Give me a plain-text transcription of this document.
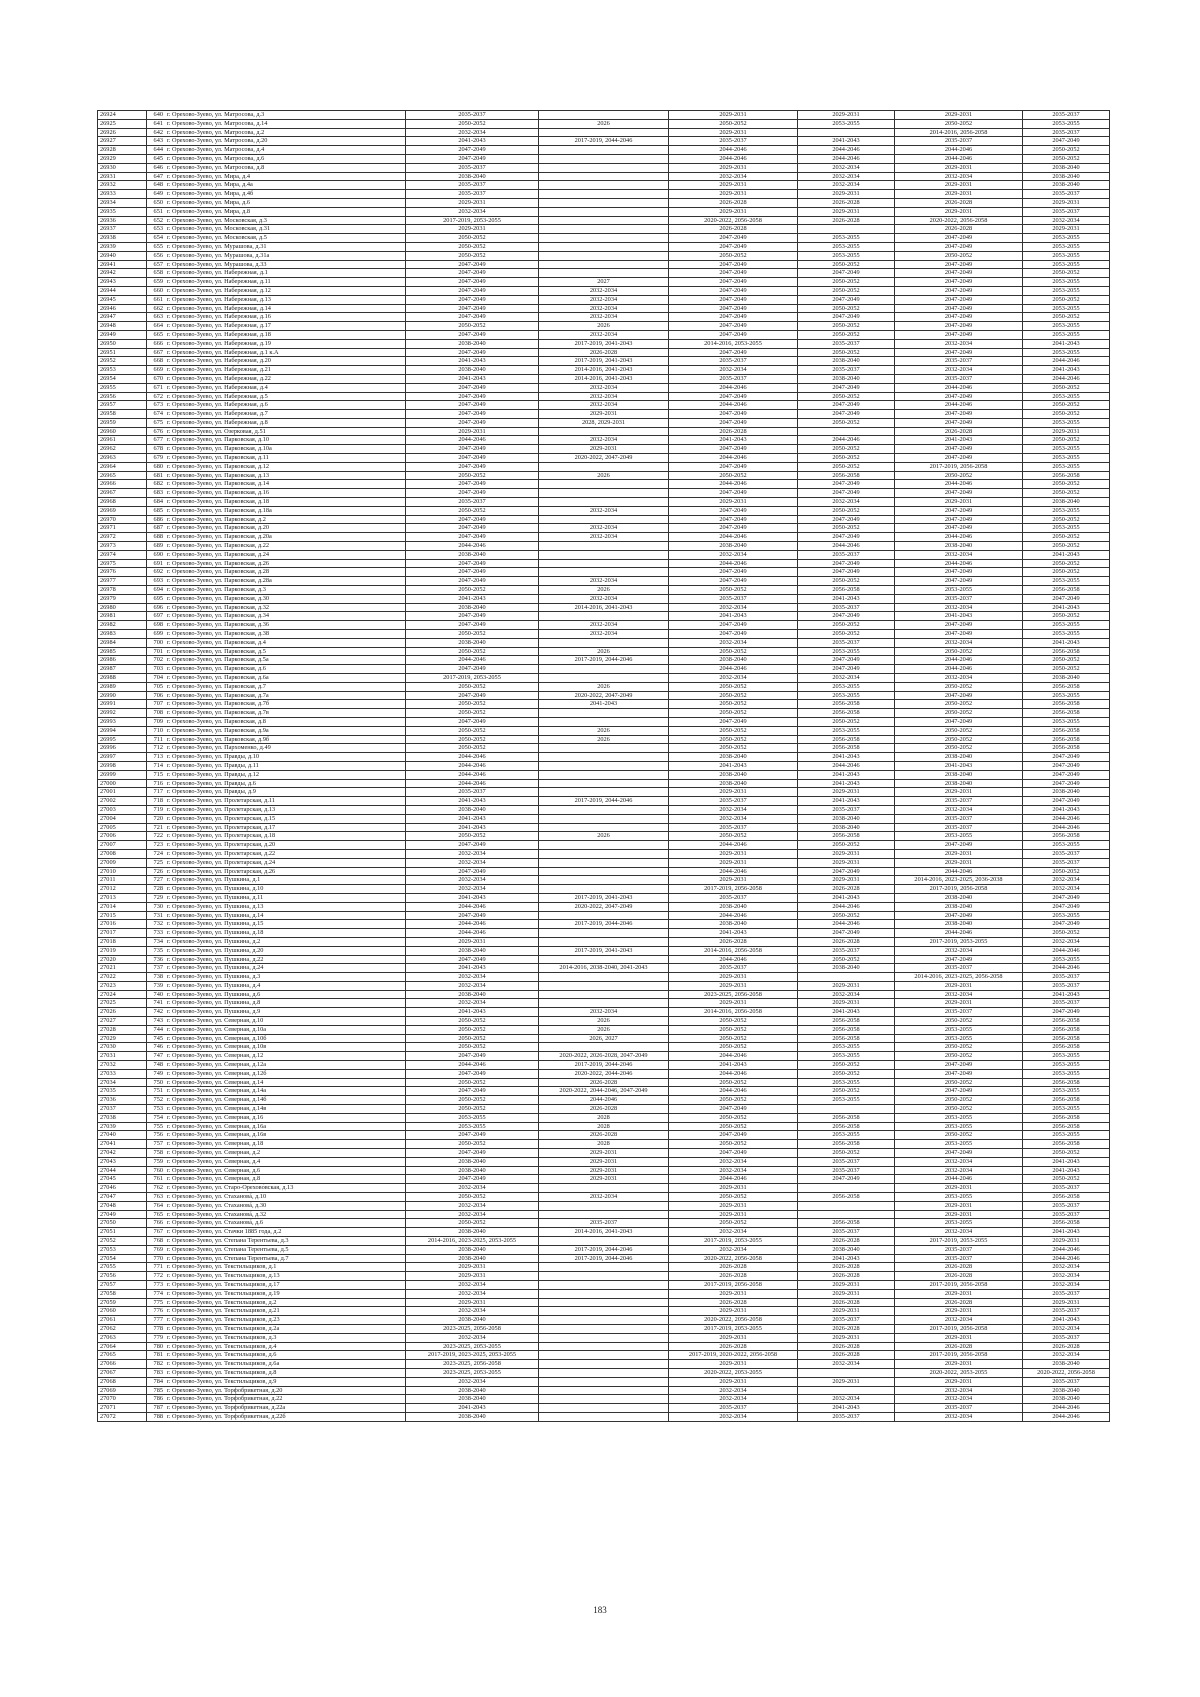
26924	640	г. Орехово-Зуево, ул. Матросова, д.3	2035-2037		2029-2031	2029-2031	2029-2031	2035-2037
26925	641	г. Орехово-Зуево, ул. Матросова, д.14	2050-2052	2026	2050-2052	2053-2055	2050-2052	2053-2055
26926	642	г. Орехово-Зуево, ул. Матросова, д.2	2032-2034		2029-2031		2014-2016, 2056-2058	2035-2037
26927	643	г. Орехово-Зуево, ул. Матросова, д.20	2041-2043	2017-2019, 2044-2046	2035-2037	2041-2043	2035-2037	2047-2049
26928	644	г. Орехово-Зуево, ул. Матросова, д.4	2047-2049		2044-2046	2044-2046	2044-2046	2050-2052
26929	645	г. Орехово-Зуево, ул. Матросова, д.6	2047-2049		2044-2046	2044-2046	2044-2046	2050-2052
26930	646	г. Орехово-Зуево, ул. Матросова, д.8	2035-2037		2029-2031	2032-2034	2029-2031	2038-2040
26931	647	г. Орехово-Зуево, ул. Мира, д.4	2038-2040		2032-2034	2032-2034	2032-2034	2038-2040
26932	648	г. Орехово-Зуево, ул. Мира, д.4а	2035-2037		2029-2031	2032-2034	2029-2031	2038-2040
26933	649	г. Орехово-Зуево, ул. Мира, д.4б	2035-2037		2029-2031	2029-2031	2029-2031	2035-2037
26934	650	г. Орехово-Зуево, ул. Мира, д.6	2029-2031		2026-2028	2026-2028	2026-2028	2029-2031
26935	651	г. Орехово-Зуево, ул. Мира, д.8	2032-2034		2029-2031	2029-2031	2029-2031	2035-2037
26936	652	г. Орехово-Зуево, ул. Московская, д.3	2017-2019, 2053-2055		2020-2022, 2056-2058	2026-2028	2020-2022, 2056-2058	2032-2034
26937	653	г. Орехово-Зуево, ул. Московская, д.31	2029-2031		2026-2028		2026-2028	2029-2031
26938	654	г. Орехово-Зуево, ул. Московская, д.5	2050-2052		2047-2049	2053-2055	2047-2049	2053-2055
26939	655	г. Орехово-Зуево, ул. Мурашова, д.31	2050-2052		2047-2049	2053-2055	2047-2049	2053-2055
26940	656	г. Орехово-Зуево, ул. Мурашова, д.31а	2050-2052		2050-2052	2053-2055	2050-2052	2053-2055
26941	657	г. Орехово-Зуево, ул. Мурашова, д.33	2047-2049		2047-2049	2050-2052	2047-2049	2053-2055
26942	658	г. Орехово-Зуево, ул. Набережная, д.1	2047-2049		2047-2049	2047-2049	2047-2049	2050-2052
26943	659	г. Орехово-Зуево, ул. Набережная, д.11	2047-2049	2027	2047-2049	2050-2052	2047-2049	2053-2055
26944	660	г. Орехово-Зуево, ул. Набережная, д.12	2047-2049	2032-2034	2047-2049	2050-2052	2047-2049	2053-2055
26945	661	г. Орехово-Зуево, ул. Набережная, д.13	2047-2049	2032-2034	2047-2049	2047-2049	2047-2049	2050-2052
26946	662	г. Орехово-Зуево, ул. Набережная, д.14	2047-2049	2032-2034	2047-2049	2050-2052	2047-2049	2053-2055
26947	663	г. Орехово-Зуево, ул. Набережная, д.16	2047-2049	2032-2034	2047-2049	2047-2049	2047-2049	2050-2052
26948	664	г. Орехово-Зуево, ул. Набережная, д.17	2050-2052	2026	2047-2049	2050-2052	2047-2049	2053-2055
26949	665	г. Орехово-Зуево, ул. Набережная, д.18	2047-2049	2032-2034	2047-2049	2050-2052	2047-2049	2053-2055
26950	666	г. Орехово-Зуево, ул. Набережная, д.19	2038-2040	2017-2019, 2041-2043	2014-2016, 2053-2055	2035-2037	2032-2034	2041-2043
26951	667	г. Орехово-Зуево, ул. Набережная, д.1 к.А	2047-2049	2026-2028	2047-2049	2050-2052	2047-2049	2053-2055
26952	668	г. Орехово-Зуево, ул. Набережная, д.20	2041-2043	2017-2019, 2041-2043	2035-2037	2038-2040	2035-2037	2044-2046
26953	669	г. Орехово-Зуево, ул. Набережная, д.21	2038-2040	2014-2016, 2041-2043	2032-2034	2035-2037	2032-2034	2041-2043
26954	670	г. Орехово-Зуево, ул. Набережная, д.22	2041-2043	2014-2016, 2041-2043	2035-2037	2038-2040	2035-2037	2044-2046
26955	671	г. Орехово-Зуево, ул. Набережная, д.4	2047-2049	2032-2034	2044-2046	2047-2049	2044-2046	2050-2052
26956	672	г. Орехово-Зуево, ул. Набережная, д.5	2047-2049	2032-2034	2047-2049	2050-2052	2047-2049	2053-2055
26957	673	г. Орехово-Зуево, ул. Набережная, д.6	2047-2049	2032-2034	2044-2046	2047-2049	2044-2046	2050-2052
26958	674	г. Орехово-Зуево, ул. Набережная, д.7	2047-2049	2029-2031	2047-2049	2047-2049	2047-2049	2050-2052
26959	675	г. Орехово-Зуево, ул. Набережная, д.8	2047-2049	2028, 2029-2031	2047-2049	2050-2052	2047-2049	2053-2055
26960	676	г. Орехово-Зуево, ул. Озерковая, д.51	2029-2031		2026-2028		2026-2028	2029-2031
26961	677	г. Орехово-Зуево, ул. Парковская, д.10	2044-2046	2032-2034	2041-2043	2044-2046	2041-2043	2050-2052
26962	678	г. Орехово-Зуево, ул. Парковская, д.10а	2047-2049	2029-2031	2047-2049	2050-2052	2047-2049	2053-2055
26963	679	г. Орехово-Зуево, ул. Парковская, д.11	2047-2049	2020-2022, 2047-2049	2044-2046	2050-2052	2047-2049	2053-2055
26964	680	г. Орехово-Зуево, ул. Парковская, д.12	2047-2049		2047-2049	2050-2052	2017-2019, 2056-2058	2053-2055
26965	681	г. Орехово-Зуево, ул. Парковская, д.13	2050-2052	2026	2050-2052	2056-2058	2050-2052	2056-2058
26966	682	г. Орехово-Зуево, ул. Парковская, д.14	2047-2049		2044-2046	2047-2049	2044-2046	2050-2052
26967	683	г. Орехово-Зуево, ул. Парковская, д.16	2047-2049		2047-2049	2047-2049	2047-2049	2050-2052
26968	684	г. Орехово-Зуево, ул. Парковская, д.18	2035-2037		2029-2031	2032-2034	2029-2031	2038-2040
26969	685	г. Орехово-Зуево, ул. Парковская, д.18а	2050-2052	2032-2034	2047-2049	2050-2052	2047-2049	2053-2055
26970	686	г. Орехово-Зуево, ул. Парковская, д.2	2047-2049		2047-2049	2047-2049	2047-2049	2050-2052
26971	687	г. Орехово-Зуево, ул. Парковская, д.20	2047-2049	2032-2034	2047-2049	2050-2052	2047-2049	2053-2055
26972	688	г. Орехово-Зуево, ул. Парковская, д.20а	2047-2049	2032-2034	2044-2046	2047-2049	2044-2046	2050-2052
26973	689	г. Орехово-Зуево, ул. Парковская, д.22	2044-2046		2038-2040	2044-2046	2038-2040	2050-2052
26974	690	г. Орехово-Зуево, ул. Парковская, д.24	2038-2040		2032-2034	2035-2037	2032-2034	2041-2043
26975	691	г. Орехово-Зуево, ул. Парковская, д.26	2047-2049		2044-2046	2047-2049	2044-2046	2050-2052
26976	692	г. Орехово-Зуево, ул. Парковская, д.28	2047-2049		2047-2049	2047-2049	2047-2049	2050-2052
26977	693	г. Орехово-Зуево, ул. Парковская, д.28а	2047-2049	2032-2034	2047-2049	2050-2052	2047-2049	2053-2055
26978	694	г. Орехово-Зуево, ул. Парковская, д.3	2050-2052	2026	2050-2052	2056-2058	2053-2055	2056-2058
26979	695	г. Орехово-Зуево, ул. Парковская, д.30	2041-2043	2032-2034	2035-2037	2041-2043	2035-2037	2047-2049
26980	696	г. Орехово-Зуево, ул. Парковская, д.32	2038-2040	2014-2016, 2041-2043	2032-2034	2035-2037	2032-2034	2041-2043
26981	697	г. Орехово-Зуево, ул. Парковская, д.34	2047-2049		2041-2043	2047-2049	2041-2043	2050-2052
26982	698	г. Орехово-Зуево, ул. Парковская, д.36	2047-2049	2032-2034	2047-2049	2050-2052	2047-2049	2053-2055
26983	699	г. Орехово-Зуево, ул. Парковская, д.38	2050-2052	2032-2034	2047-2049	2050-2052	2047-2049	2053-2055
26984	700	г. Орехово-Зуево, ул. Парковская, д.4	2038-2040		2032-2034	2035-2037	2032-2034	2041-2043
26985	701	г. Орехово-Зуево, ул. Парковская, д.5	2050-2052	2026	2050-2052	2053-2055	2050-2052	2056-2058
26986	702	г. Орехово-Зуево, ул. Парковская, д.5а	2044-2046	2017-2019, 2044-2046	2038-2040	2047-2049	2044-2046	2050-2052
26987	703	г. Орехово-Зуево, ул. Парковская, д.6	2047-2049		2044-2046	2047-2049	2044-2046	2050-2052
26988	704	г. Орехово-Зуево, ул. Парковская, д.6а	2017-2019, 2053-2055		2032-2034	2032-2034	2032-2034	2038-2040
26989	705	г. Орехово-Зуево, ул. Парковская, д.7	2050-2052	2026	2050-2052	2053-2055	2050-2052	2056-2058
26990	706	г. Орехово-Зуево, ул. Парковская, д.7а	2047-2049	2020-2022, 2047-2049	2050-2052	2053-2055	2047-2049	2053-2055
26991	707	г. Орехово-Зуево, ул. Парковская, д.7б	2050-2052	2041-2043	2050-2052	2056-2058	2050-2052	2056-2058
26992	708	г. Орехово-Зуево, ул. Парковская, д.7в	2050-2052		2050-2052	2056-2058	2050-2052	2056-2058
26993	709	г. Орехово-Зуево, ул. Парковская, д.8	2047-2049		2047-2049	2050-2052	2047-2049	2053-2055
26994	710	г. Орехово-Зуево, ул. Парковская, д.9а	2050-2052	2026	2050-2052	2053-2055	2050-2052	2056-2058
26995	711	г. Орехово-Зуево, ул. Парковская, д.9б	2050-2052	2026	2050-2052	2056-2058	2050-2052	2056-2058
26996	712	г. Орехово-Зуево, ул. Пархоменко, д.49	2050-2052		2050-2052	2056-2058	2050-2052	2056-2058
26997	713	г. Орехово-Зуево, ул. Правды, д.10	2044-2046		2038-2040	2041-2043	2038-2040	2047-2049
26998	714	г. Орехово-Зуево, ул. Правды, д.11	2044-2046		2041-2043	2044-2046	2041-2043	2047-2049
26999	715	г. Орехово-Зуево, ул. Правды, д.12	2044-2046		2038-2040	2041-2043	2038-2040	2047-2049
27000	716	г. Орехово-Зуево, ул. Правды, д.6	2044-2046		2038-2040	2041-2043	2038-2040	2047-2049
27001	717	г. Орехово-Зуево, ул. Правды, д.9	2035-2037		2029-2031	2029-2031	2029-2031	2038-2040
27002	718	г. Орехово-Зуево, ул. Пролетарская, д.11	2041-2043	2017-2019, 2044-2046	2035-2037	2041-2043	2035-2037	2047-2049
27003	719	г. Орехово-Зуево, ул. Пролетарская, д.13	2038-2040		2032-2034	2035-2037	2032-2034	2041-2043
27004	720	г. Орехово-Зуево, ул. Пролетарская, д.15	2041-2043		2032-2034	2038-2040	2035-2037	2044-2046
27005	721	г. Орехово-Зуево, ул. Пролетарская, д.17	2041-2043		2035-2037	2038-2040	2035-2037	2044-2046
27006	722	г. Орехово-Зуево, ул. Пролетарская, д.18	2050-2052	2026	2050-2052	2056-2058	2053-2055	2056-2058
27007	723	г. Орехово-Зуево, ул. Пролетарская, д.20	2047-2049		2044-2046	2050-2052	2047-2049	2053-2055
27008	724	г. Орехово-Зуево, ул. Пролетарская, д.22	2032-2034		2029-2031	2029-2031	2029-2031	2035-2037
27009	725	г. Орехово-Зуево, ул. Пролетарская, д.24	2032-2034		2029-2031	2029-2031	2029-2031	2035-2037
27010	726	г. Орехово-Зуево, ул. Пролетарская, д.26	2047-2049		2044-2046	2047-2049	2044-2046	2050-2052
27011	727	г. Орехово-Зуево, ул. Пушкина, д.1	2032-2034		2029-2031	2029-2031	2014-2016, 2023-2025, 2036-2038	2032-2034
27012	728	г. Орехово-Зуево, ул. Пушкина, д.10	2032-2034		2017-2019, 2056-2058	2026-2028	2017-2019, 2056-2058	2032-2034
27013	729	г. Орехово-Зуево, ул. Пушкина, д.11	2041-2043	2017-2019, 2041-2043	2035-2037	2041-2043	2038-2040	2047-2049
27014	730	г. Орехово-Зуево, ул. Пушкина, д.13	2044-2046	2020-2022, 2047-2049	2038-2040	2044-2046	2038-2040	2047-2049
27015	731	г. Орехово-Зуево, ул. Пушкина, д.14	2047-2049		2044-2046	2050-2052	2047-2049	2053-2055
27016	732	г. Орехово-Зуево, ул. Пушкина, д.15	2044-2046	2017-2019, 2044-2046	2038-2040	2044-2046	2038-2040	2047-2049
27017	733	г. Орехово-Зуево, ул. Пушкина, д.18	2044-2046		2041-2043	2047-2049	2044-2046	2050-2052
27018	734	г. Орехово-Зуево, ул. Пушкина, д.2	2029-2031		2026-2028	2026-2028	2017-2019, 2053-2055	2032-2034
27019	735	г. Орехово-Зуево, ул. Пушкина, д.20	2038-2040	2017-2019, 2041-2043	2014-2016, 2056-2058	2035-2037	2032-2034	2044-2046
27020	736	г. Орехово-Зуево, ул. Пушкина, д.22	2047-2049		2044-2046	2050-2052	2047-2049	2053-2055
27021	737	г. Орехово-Зуево, ул. Пушкина, д.24	2041-2043	2014-2016, 2038-2040, 2041-2043	2035-2037	2038-2040	2035-2037	2044-2046
27022	738	г. Орехово-Зуево, ул. Пушкина, д.3	2032-2034		2029-2031		2014-2016, 2023-2025, 2056-2058	2035-2037
27023	739	г. Орехово-Зуево, ул. Пушкина, д.4	2032-2034		2029-2031	2029-2031	2029-2031	2035-2037
27024	740	г. Орехово-Зуево, ул. Пушкина, д.6	2038-2040		2023-2025, 2056-2058	2032-2034	2032-2034	2041-2043
27025	741	г. Орехово-Зуево, ул. Пушкина, д.8	2032-2034		2029-2031	2029-2031	2029-2031	2035-2037
27026	742	г. Орехово-Зуево, ул. Пушкина, д.9	2041-2043	2032-2034	2014-2016, 2056-2058	2041-2043	2035-2037	2047-2049
27027	743	г. Орехово-Зуево, ул. Северная, д.10	2050-2052	2026	2050-2052	2056-2058	2050-2052	2056-2058
27028	744	г. Орехово-Зуево, ул. Северная, д.10а	2050-2052	2026	2050-2052	2056-2058	2053-2055	2056-2058
27029	745	г. Орехово-Зуево, ул. Северная, д.10б	2050-2052	2026, 2027	2050-2052	2056-2058	2053-2055	2056-2058
27030	746	г. Орехово-Зуево, ул. Северная, д.10в	2050-2052		2050-2052	2053-2055	2050-2052	2056-2058
27031	747	г. Орехово-Зуево, ул. Северная, д.12	2047-2049	2020-2022, 2026-2028, 2047-2049	2044-2046	2053-2055	2050-2052	2053-2055
27032	748	г. Орехово-Зуево, ул. Северная, д.12а	2044-2046	2017-2019, 2044-2046	2041-2043	2050-2052	2047-2049	2053-2055
27033	749	г. Орехово-Зуево, ул. Северная, д.12б	2047-2049	2020-2022, 2044-2046	2044-2046	2050-2052	2047-2049	2053-2055
27034	750	г. Орехово-Зуево, ул. Северная, д.14	2050-2052	2026-2028	2050-2052	2053-2055	2050-2052	2056-2058
27035	751	г. Орехово-Зуево, ул. Северная, д.14а	2047-2049	2020-2022, 2044-2046, 2047-2049	2044-2046	2050-2052	2047-2049	2053-2055
27036	752	г. Орехово-Зуево, ул. Северная, д.14б	2050-2052	2044-2046	2050-2052	2053-2055	2050-2052	2056-2058
27037	753	г. Орехово-Зуево, ул. Северная, д.14в	2050-2052	2026-2028	2047-2049		2050-2052	2053-2055
27038	754	г. Орехово-Зуево, ул. Северная, д.16	2053-2055	2028	2050-2052	2056-2058	2053-2055	2056-2058
27039	755	г. Орехово-Зуево, ул. Северная, д.16а	2053-2055	2028	2050-2052	2056-2058	2053-2055	2056-2058
27040	756	г. Орехово-Зуево, ул. Северная, д.16в	2047-2049	2026-2028	2047-2049	2053-2055	2050-2052	2053-2055
27041	757	г. Орехово-Зуево, ул. Северная, д.18	2050-2052	2028	2050-2052	2056-2058	2053-2055	2056-2058
27042	758	г. Орехово-Зуево, ул. Северная, д.2	2047-2049	2029-2031	2047-2049	2050-2052	2047-2049	2050-2052
27043	759	г. Орехово-Зуево, ул. Северная, д.4	2038-2040	2029-2031	2032-2034	2035-2037	2032-2034	2041-2043
27044	760	г. Орехово-Зуево, ул. Северная, д.6	2038-2040	2029-2031	2032-2034	2035-2037	2032-2034	2041-2043
27045	761	г. Орехово-Зуево, ул. Северная, д.8	2047-2049	2029-2031	2044-2046	2047-2049	2044-2046	2050-2052
27046	762	г. Орехово-Зуево, ул. Старо-Орехово́вская, д.13	2032-2034		2029-2031		2029-2031	2035-2037
27047	763	г. Орехово-Зуево, ул. Стахановá, д.10	2050-2052	2032-2034	2050-2052	2056-2058	2053-2055	2056-2058
27048	764	г. Орехово-Зуево, ул. Стахановá, д.30	2032-2034		2029-2031		2029-2031	2035-2037
27049	765	г. Орехово-Зуево, ул. Стахановá, д.32	2032-2034		2029-2031		2029-2031	2035-2037
27050	766	г. Орехово-Зуево, ул. Стахановá, д.6	2050-2052	2035-2037	2050-2052	2056-2058	2053-2055	2056-2058
27051	767	г. Орехово-Зуево, ул. Стачки 1885 года, д.2	2038-2040	2014-2016, 2041-2043	2032-2034	2035-2037	2032-2034	2041-2043
27052	768	г. Орехово-Зуево, ул. Степана Терентьева, д.3	2014-2016, 2023-2025, 2053-2055		2017-2019, 2053-2055	2026-2028	2017-2019, 2053-2055	2029-2031
27053	769	г. Орехово-Зуево, ул. Степана Терентьева, д.5	2038-2040	2017-2019, 2044-2046	2032-2034	2038-2040	2035-2037	2044-2046
27054	770	г. Орехово-Зуево, ул. Степана Терентьева, д.7	2038-2040	2017-2019, 2044-2046	2020-2022, 2056-2058	2041-2043	2035-2037	2044-2046
27055	771	г. Орехово-Зуево, ул. Текстильщиков, д.1	2029-2031		2026-2028	2026-2028	2026-2028	2032-2034
27056	772	г. Орехово-Зуево, ул. Текстильщиков, д.13	2029-2031		2026-2028	2026-2028	2026-2028	2032-2034
27057	773	г. Орехово-Зуево, ул. Текстильщиков, д.17	2032-2034		2017-2019, 2056-2058	2029-2031	2017-2019, 2056-2058	2032-2034
27058	774	г. Орехово-Зуево, ул. Текстильщиков, д.19	2032-2034		2029-2031	2029-2031	2029-2031	2035-2037
27059	775	г. Орехово-Зуево, ул. Текстильщиков, д.2	2029-2031		2026-2028	2026-2028	2026-2028	2029-2031
27060	776	г. Орехово-Зуево, ул. Текстильщиков, д.21	2032-2034		2029-2031	2029-2031	2029-2031	2035-2037
27061	777	г. Орехово-Зуево, ул. Текстильщиков, д.23	2038-2040		2020-2022, 2056-2058	2035-2037	2032-2034	2041-2043
27062	778	г. Орехово-Зуево, ул. Текстильщиков, д.2а	2023-2025, 2056-2058		2017-2019, 2053-2055	2026-2028	2017-2019, 2056-2058	2032-2034
27063	779	г. Орехово-Зуево, ул. Текстильщиков, д.3	2032-2034		2029-2031	2029-2031	2029-2031	2035-2037
27064	780	г. Орехово-Зуево, ул. Текстильщиков, д.4	2023-2025, 2053-2055		2026-2028	2026-2028	2026-2028	2026-2028
27065	781	г. Орехово-Зуево, ул. Текстильщиков, д.6	2017-2019, 2023-2025, 2053-2055		2017-2019, 2020-2022, 2056-2058	2026-2028	2017-2019, 2056-2058	2032-2034
27066	782	г. Орехово-Зуево, ул. Текстильщиков, д.6а	2023-2025, 2056-2058		2029-2031	2032-2034	2029-2031	2038-2040
27067	783	г. Орехово-Зуево, ул. Текстильщиков, д.8	2023-2025, 2053-2055		2020-2022, 2053-2055		2020-2022, 2053-2055	2020-2022, 2056-2058
27068	784	г. Орехово-Зуево, ул. Текстильщиков, д.9	2032-2034		2029-2031	2029-2031	2029-2031	2035-2037
27069	785	г. Орехово-Зуево, ул. Торфобрикетная, д.20	2038-2040		2032-2034		2032-2034	2038-2040
27070	786	г. Орехово-Зуево, ул. Торфобрикетная, д.22	2038-2040		2032-2034	2032-2034	2032-2034	2038-2040
27071	787	г. Орехово-Зуево, ул. Торфобрикетная, д.22а	2041-2043		2035-2037	2041-2043	2035-2037	2044-2046
27072	788	г. Орехово-Зуево, ул. Торфобрикетная, д.22б	2038-2040		2032-2034	2035-2037	2032-2034	2044-2046
183
